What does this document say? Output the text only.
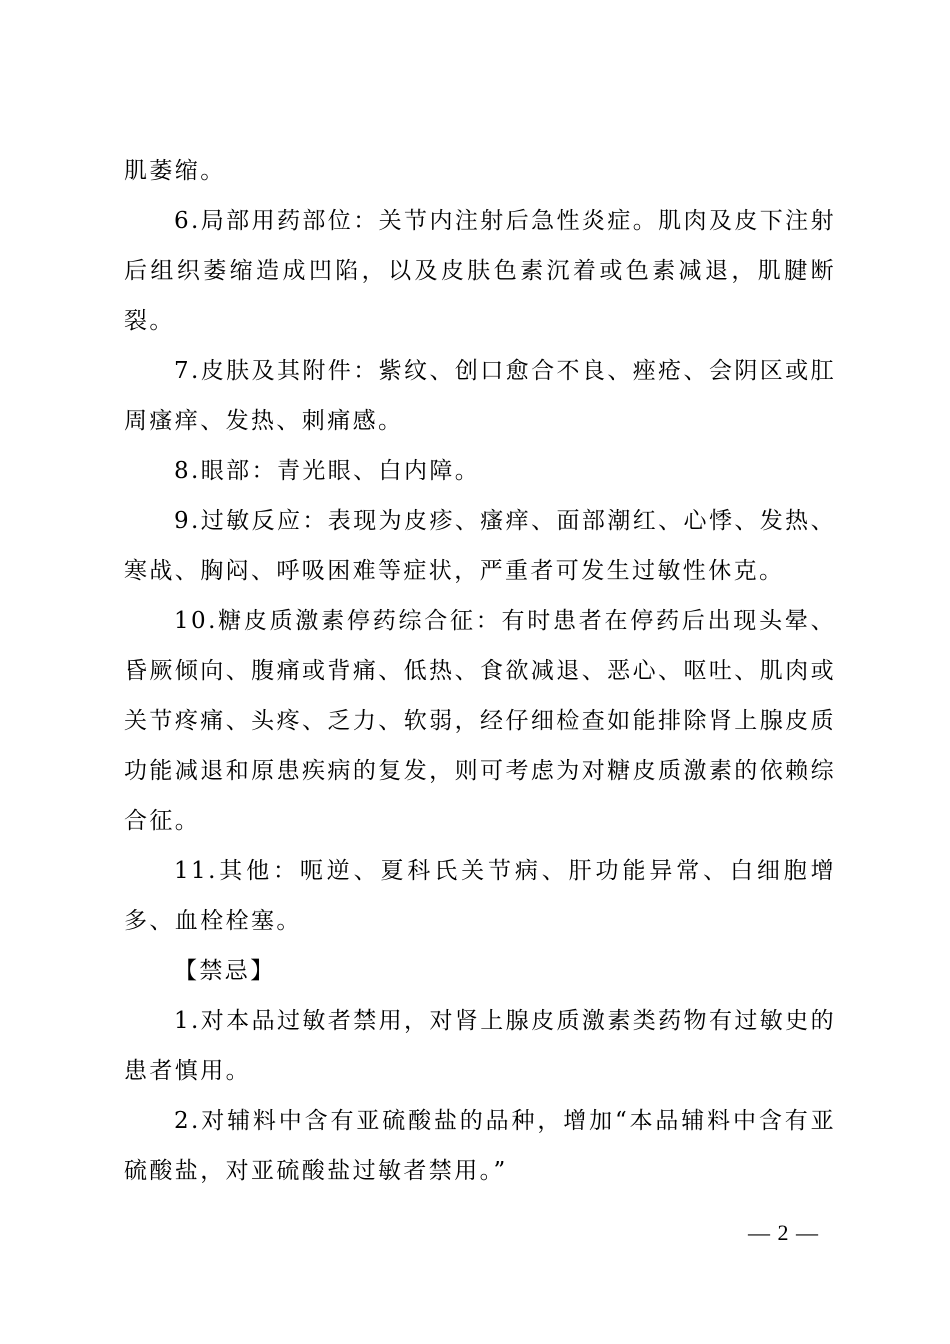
肌萎缩。

6.局部用药部位：关节内注射后急性炎症。肌肉及皮下注射后组织萎缩造成凹陷，以及皮肤色素沉着或色素减退，肌腱断裂。

7.皮肤及其附件：紫纹、创口愈合不良、痤疮、会阴区或肛周瘙痒、发热、刺痛感。

8.眼部：青光眼、白内障。

9.过敏反应：表现为皮疹、瘙痒、面部潮红、心悸、发热、寒战、胸闷、呼吸困难等症状，严重者可发生过敏性休克。

10.糖皮质激素停药综合征：有时患者在停药后出现头晕、昏厥倾向、腹痛或背痛、低热、食欲减退、恶心、呕吐、肌肉或关节疼痛、头疼、乏力、软弱，经仔细检查如能排除肾上腺皮质功能减退和原患疾病的复发，则可考虑为对糖皮质激素的依赖综合征。

11.其他：呃逆、夏科氏关节病、肝功能异常、白细胞增多、血栓栓塞。

【禁忌】

1.对本品过敏者禁用，对肾上腺皮质激素类药物有过敏史的患者慎用。

2.对辅料中含有亚硫酸盐的品种，增加“本品辅料中含有亚硫酸盐，对亚硫酸盐过敏者禁用。”

— 2 —
